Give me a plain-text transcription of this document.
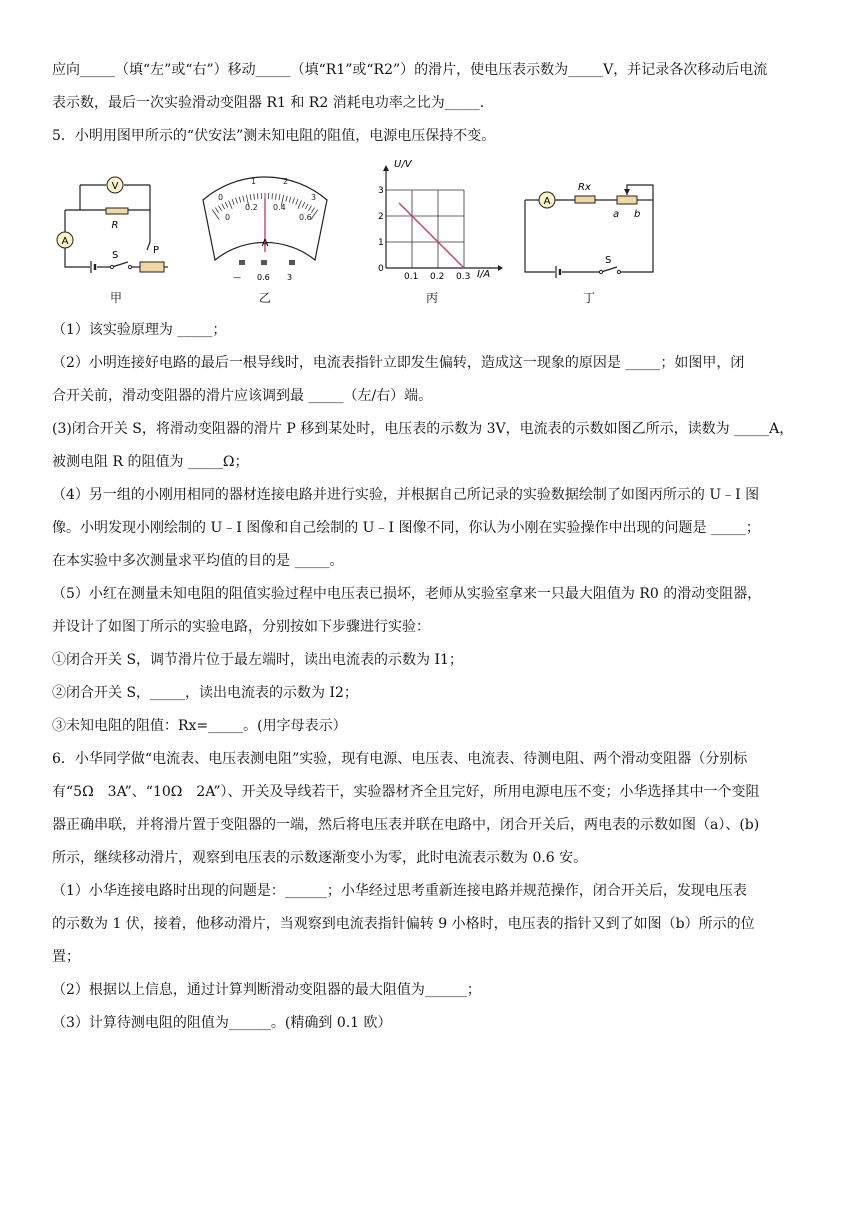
应向_____（填“左”或“右”）移动_____（填“R1”或“R2”）的滑片，使电压表示数为_____V，并记录各次移动后电流
表示数，最后一次实验滑动变阻器 R1 和 R2 消耗电功率之比为_____.
5．小明用图甲所示的“伏安法”测未知电阻的阻值，电源电压保持不变。
（1）该实验原理为 _____；
（2）小明连接好电路的最后一根导线时，电流表指针立即发生偏转，造成这一现象的原因是 _____；如图甲，闭
合开关前，滑动变阻器的滑片应该调到最 _____（左/右）端。
(3)闭合开关 S，将滑动变阻器的滑片 P 移到某处时，电压表的示数为 3V，电流表的示数如图乙所示，读数为 _____A，
被测电阻 R 的阻值为 _____Ω；
（4）另一组的小刚用相同的器材连接电路并进行实验，并根据自己所记录的实验数据绘制了如图丙所示的 U﹣I 图
像。小明发现小刚绘制的 U﹣I 图像和自己绘制的 U﹣I 图像不同，你认为小刚在实验操作中出现的问题是 _____；
在本实验中多次测量求平均值的目的是 _____。
（5）小红在测量未知电阻的阻值实验过程中电压表已损坏，老师从实验室拿来一只最大阻值为 R0 的滑动变阻器，
并设计了如图丁所示的实验电路，分别按如下步骤进行实验：
①闭合开关 S，调节滑片位于最左端时，读出电流表的示数为 I1；
②闭合开关 S，_____，读出电流表的示数为 I2；
③未知电阻的阻值：Rx=_____。(用字母表示）
6．小华同学做“电流表、电压表测电阻”实验，现有电源、电压表、电流表、待测电阻、两个滑动变阻器（分别标
有“5Ω　3A”、“10Ω　2A”）、开关及导线若干，实验器材齐全且完好，所用电源电压不变；小华选择其中一个变阻
器正确串联，并将滑片置于变阻器的一端，然后将电压表并联在电路中，闭合开关后，两电表的示数如图（a）、(b)
所示，继续移动滑片，观察到电压表的示数逐渐变小为零，此时电流表示数为 0.6 安。
（1）小华连接电路时出现的问题是：______；小华经过思考重新连接电路并规范操作，闭合开关后，发现电压表
的示数为 1 伏，接着，他移动滑片，当观察到电流表指针偏转 9 小格时，电压表的指针又到了如图（b）所示的位
置；
（2）根据以上信息，通过计算判断滑动变阻器的最大阻值为______；
（3）计算待测电阻的阻值为______。(精确到 0.1 欧）
V
R
A
S	P
甲
0
1	2
3
0
0.2 0.4
0.6
A
— 0.6 3
乙
U/V
I/A
3
2
1
0
0.1 0.2 0.3
丙
A
Rx
a b
S
丁
